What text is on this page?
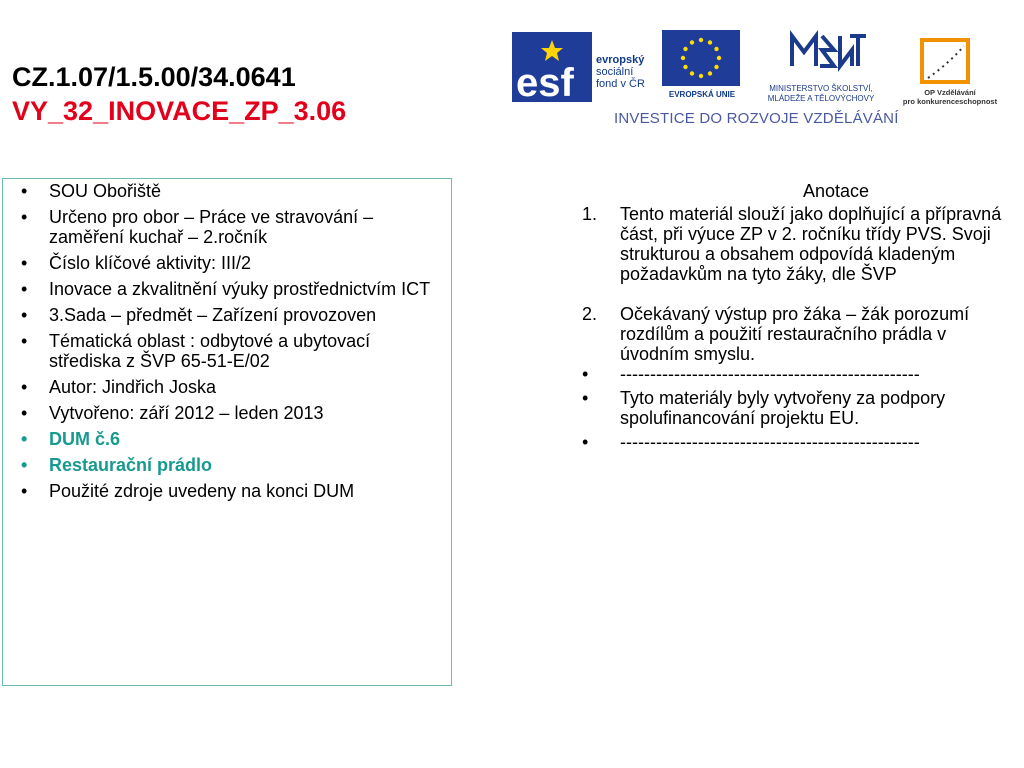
CZ.1.07/1.5.00/34.0641
VY_32_INOVACE_ZP_3.06
esf
evropský
sociální
fond v ČR
EVROPSKÁ UNIE
MINISTERSTVO ŠKOLSTVÍ,
MLÁDEŽE A TĚLOVÝCHOVY
OP Vzdělávání
pro konkurenceschopnost
INVESTICE DO ROZVOJE VZDĚLÁVÁNÍ
• SOU Obořiště
• Určeno pro obor – Práce ve stravování – zaměření kuchař – 2.ročník
• Číslo klíčové aktivity: III/2
• Inovace a zkvalitnění výuky prostřednictvím ICT
• 3.Sada – předmět – Zařízení provozoven
• Tématická oblast : odbytové a ubytovací střediska z ŠVP 65-51-E/02
• Autor: Jindřich Joska
• Vytvořeno: září 2012 – leden 2013
• DUM č.6
• Restaurační prádlo
• Použité zdroje uvedeny na konci DUM
Anotace
1. Tento materiál slouží jako doplňující a přípravná část, při výuce ZP v 2. ročníku třídy PVS. Svoji strukturou a obsahem odpovídá kladeným požadavkům na tyto žáky, dle ŠVP
2. Očekávaný výstup pro žáka – žák porozumí rozdílům a použití restauračního prádla v úvodním smyslu.
• --------------------------------------------------
• Tyto materiály byly vytvořeny za podpory spolufinancování projektu EU.
• --------------------------------------------------
